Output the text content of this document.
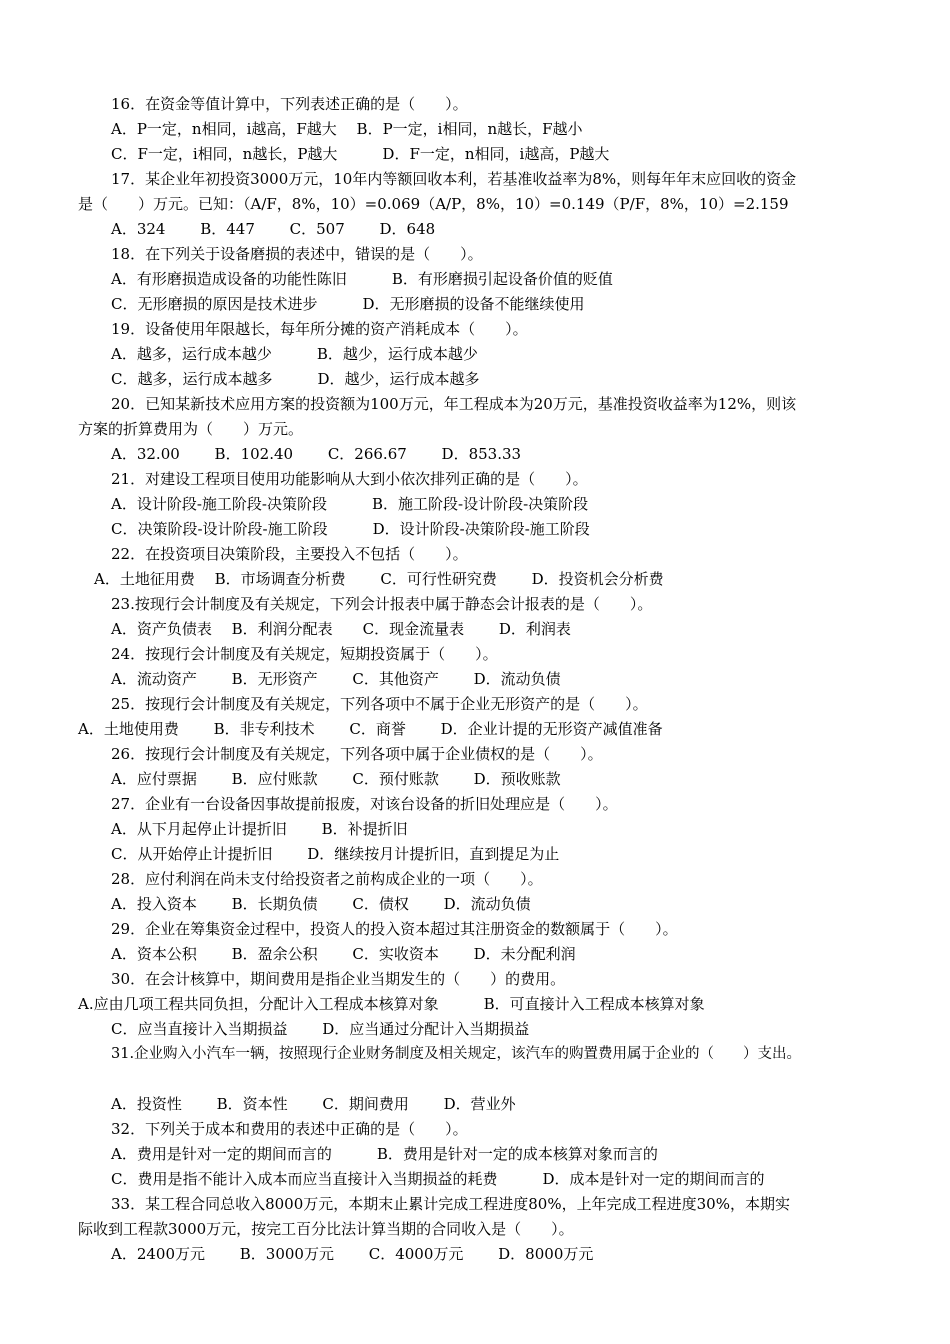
16．在资金等值计算中，下列表述正确的是（　　）。
A．P一定，n相同，i越高，F越大　 B．P一定，i相同，n越长，F越小
C．F一定，i相同，n越长，P越大　　　D．F一定，n相同，i越高，P越大
17．某企业年初投资3000万元，10年内等额回收本利，若基准收益率为8%，则每年年末应回收的资金
是（　　）万元。已知：（A/F，8%，10）=0.069（A/P，8%，10）=0.149（P/F，8%，10）=2.159
A．324　　 B．447　　 C．507　　 D．648
18．在下列关于设备磨损的表述中，错误的是（　　）。
A．有形磨损造成设备的功能性陈旧　　　B．有形磨损引起设备价值的贬值
C．无形磨损的原因是技术进步　　　D．无形磨损的设备不能继续使用
19．设备使用年限越长，每年所分摊的资产消耗成本（　　）。
A．越多，运行成本越少　　　B．越少，运行成本越少
C．越多，运行成本越多　　　D．越少，运行成本越多
20．已知某新技术应用方案的投资额为100万元，年工程成本为20万元，基准投资收益率为12%，则该
方案的折算费用为（　　）万元。
A．32.00　　 B．102.40　　 C．266.67　　 D．853.33
21．对建设工程项目使用功能影响从大到小依次排列正确的是（　　）。
A．设计阶段-施工阶段-决策阶段　　　B．施工阶段-设计阶段-决策阶段
C．决策阶段-设计阶段-施工阶段　　　D．设计阶段-决策阶段-施工阶段
22．在投资项目决策阶段，主要投入不包括（　　）。
A．土地征用费　 B．市场调查分析费　　 C．可行性研究费　　 D．投资机会分析费
23.按现行会计制度及有关规定，下列会计报表中属于静态会计报表的是（　　）。
A．资产负债表　 B．利润分配表　　C．现金流量表　　 D．利润表
24．按现行会计制度及有关规定，短期投资属于（　　）。
A．流动资产　　 B．无形资产　　 C．其他资产　　 D．流动负债
25．按现行会计制度及有关规定，下列各项中不属于企业无形资产的是（　　）。
A．土地使用费　　 B．非专利技术　　 C．商誉　　 D．企业计提的无形资产减值准备
26．按现行会计制度及有关规定，下列各项中属于企业债权的是（　　）。
A．应付票据　　 B．应付账款　　 C．预付账款　　 D．预收账款
27．企业有一台设备因事故提前报废，对该台设备的折旧处理应是（　　）。
A．从下月起停止计提折旧　　 B．补提折旧
C．从开始停止计提折旧　　 D．继续按月计提折旧，直到提足为止
28．应付利润在尚未支付给投资者之前构成企业的一项（　　）。
A．投入资本　　 B．长期负债　　 C．债权　　 D．流动负债
29．企业在筹集资金过程中，投资人的投入资本超过其注册资金的数额属于（　　）。
A．资本公积　　 B．盈余公积　　 C．实收资本　　 D．未分配利润
30．在会计核算中，期间费用是指企业当期发生的（　　）的费用。
A.应由几项工程共同负担，分配计入工程成本核算对象　　　B．可直接计入工程成本核算对象
C．应当直接计入当期损益　　 D．应当通过分配计入当期损益
31.企业购入小汽车一辆，按照现行企业财务制度及相关规定，该汽车的购置费用属于企业的（　　）支出。
A．投资性　　 B．资本性　　 C．期间费用　　 D．营业外
32．下列关于成本和费用的表述中正确的是（　　）。
A．费用是针对一定的期间而言的　　　B．费用是针对一定的成本核算对象而言的
C．费用是指不能计入成本而应当直接计入当期损益的耗费　　　D．成本是针对一定的期间而言的
33．某工程合同总收入8000万元，本期末止累计完成工程进度80%，上年完成工程进度30%，本期实
际收到工程款3000万元，按完工百分比法计算当期的合同收入是（　　）。
A．2400万元　　 B．3000万元　　 C．4000万元　　 D．8000万元
